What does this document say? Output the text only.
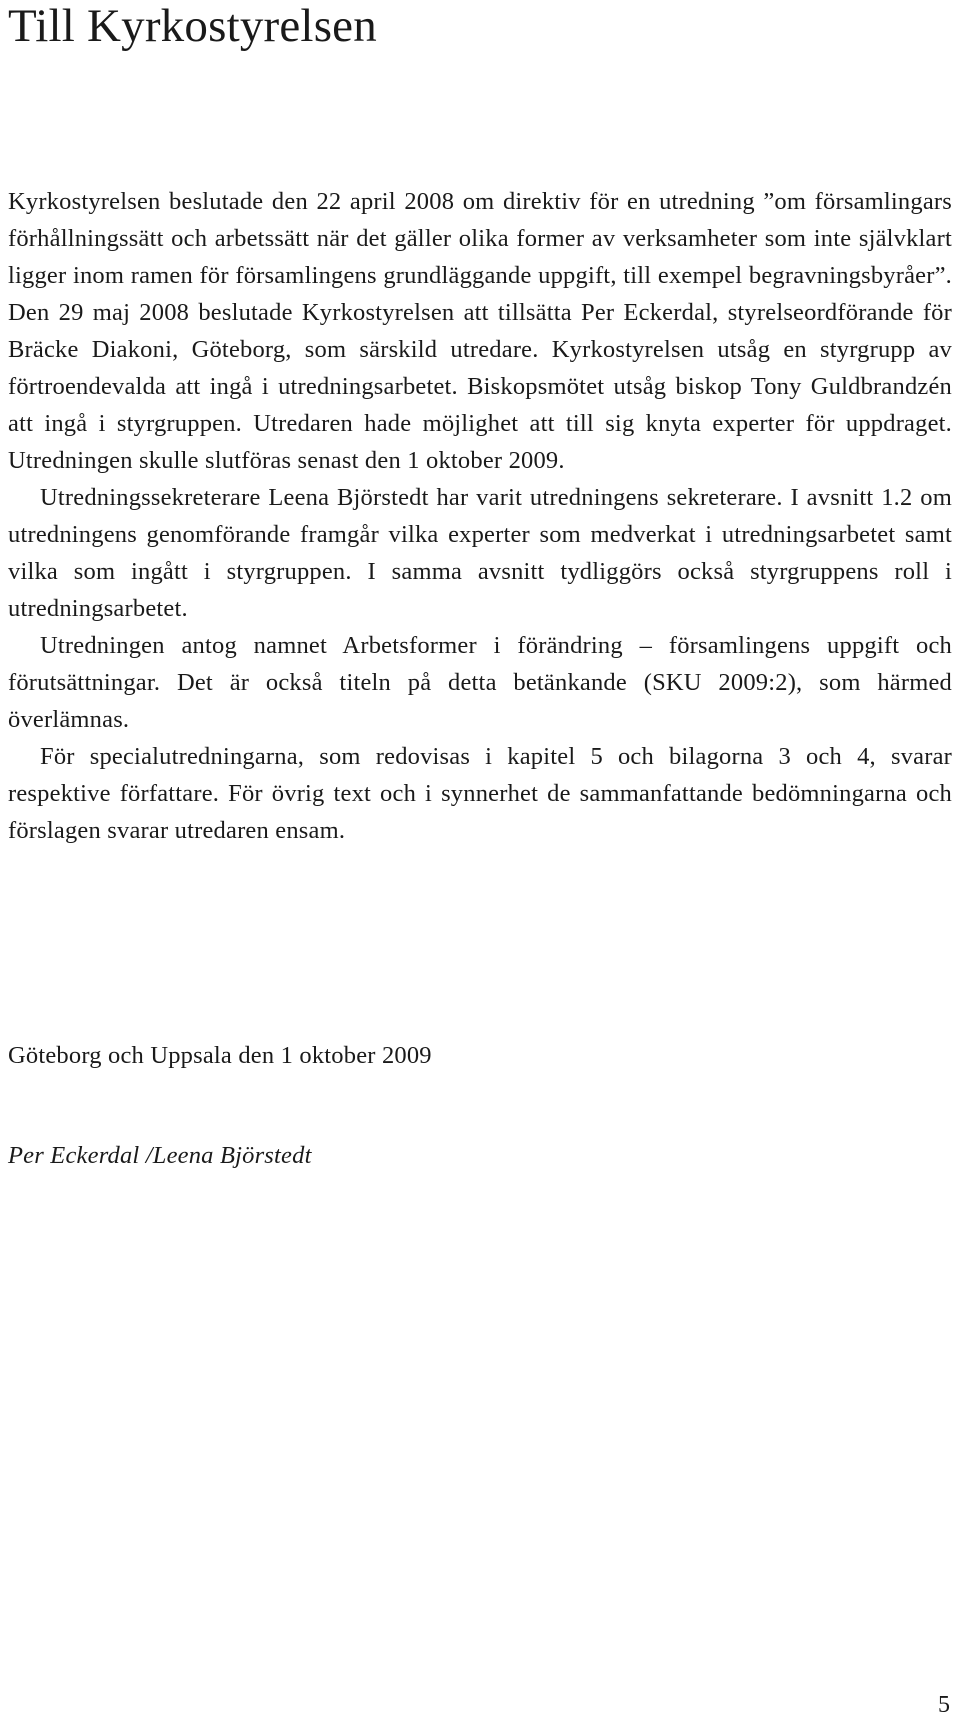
Till Kyrkostyrelsen

Kyrkostyrelsen beslutade den 22 april 2008 om direktiv för en utredning ”om församlingars förhållningssätt och arbetssätt när det gäller olika former av verksamheter som inte självklart ligger inom ramen för församlingens grundläggande uppgift, till exempel begravningsbyråer”. Den 29 maj 2008 beslutade Kyrkostyrelsen att tillsätta Per Eckerdal, styrelseordförande för Bräcke Diakoni, Göteborg, som särskild utredare. Kyrkostyrelsen utsåg en styrgrupp av förtroendevalda att ingå i utredningsarbetet. Biskopsmötet utsåg biskop Tony Guldbrandzén att ingå i styrgruppen. Utredaren hade möjlighet att till sig knyta experter för uppdraget. Utredningen skulle slutföras senast den 1 oktober 2009.

Utredningssekreterare Leena Björstedt har varit utredningens sekreterare. I avsnitt 1.2 om utredningens genomförande framgår vilka experter som medverkat i utredningsarbetet samt vilka som ingått i styrgruppen. I samma avsnitt tydliggörs också styrgruppens roll i utredningsarbetet.

Utredningen antog namnet Arbetsformer i förändring – församlingens uppgift och förutsättningar. Det är också titeln på detta betänkande (SKU 2009:2), som härmed överlämnas.

För specialutredningarna, som redovisas i kapitel 5 och bilagorna 3 och 4, svarar respektive författare. För övrig text och i synnerhet de sammanfattande bedömningarna och förslagen svarar utredaren ensam.

Göteborg och Uppsala den 1 oktober 2009

Per Eckerdal /Leena Björstedt

5
